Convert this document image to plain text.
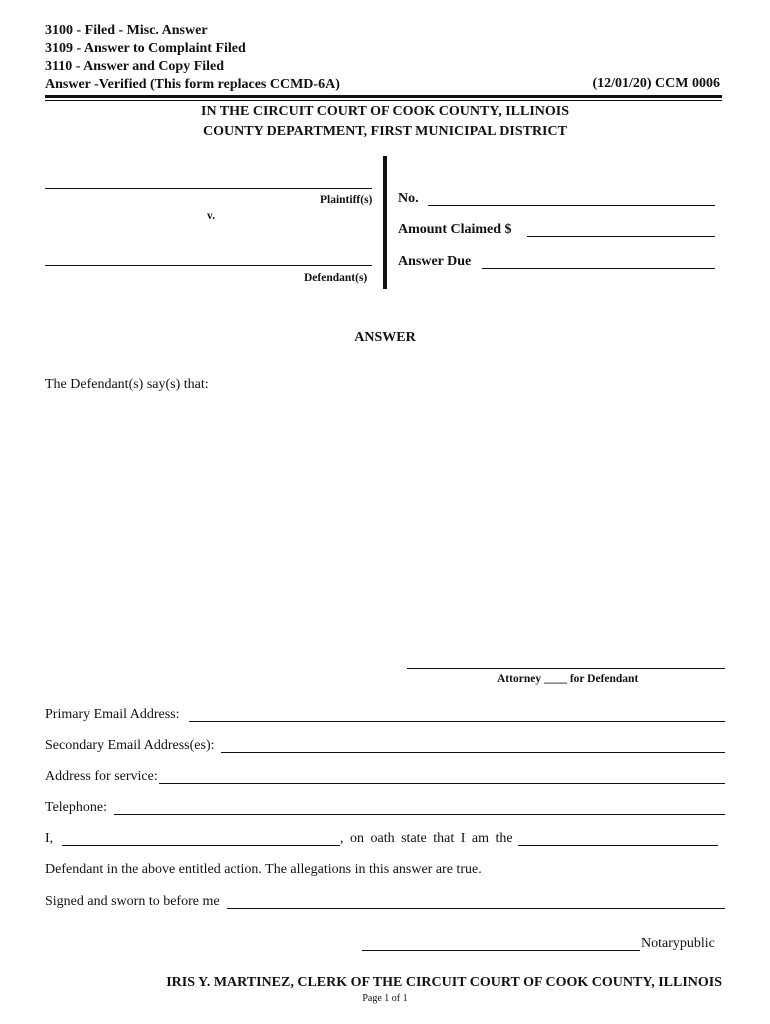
3100 - Filed - Misc. Answer
3109 - Answer to Complaint Filed
3110 - Answer and Copy Filed
Answer -Verified (This form replaces CCMD-6A)	(12/01/20) CCM 0006
IN THE CIRCUIT COURT OF COOK COUNTY, ILLINOIS
COUNTY DEPARTMENT, FIRST MUNICIPAL DISTRICT
Plaintiff(s)
v.
Defendant(s)
No.
Amount Claimed $
Answer Due
ANSWER
The Defendant(s) say(s) that:
Attorney ____ for Defendant
Primary Email Address:
Secondary Email Address(es):
Address for service:
Telephone:
I,	, on oath state that I am the
Defendant in the above entitled action. The allegations in this answer are true.
Signed and sworn to before me
Notarypublic
IRIS Y. MARTINEZ, CLERK OF THE CIRCUIT COURT OF COOK COUNTY, ILLINOIS
Page 1 of 1
